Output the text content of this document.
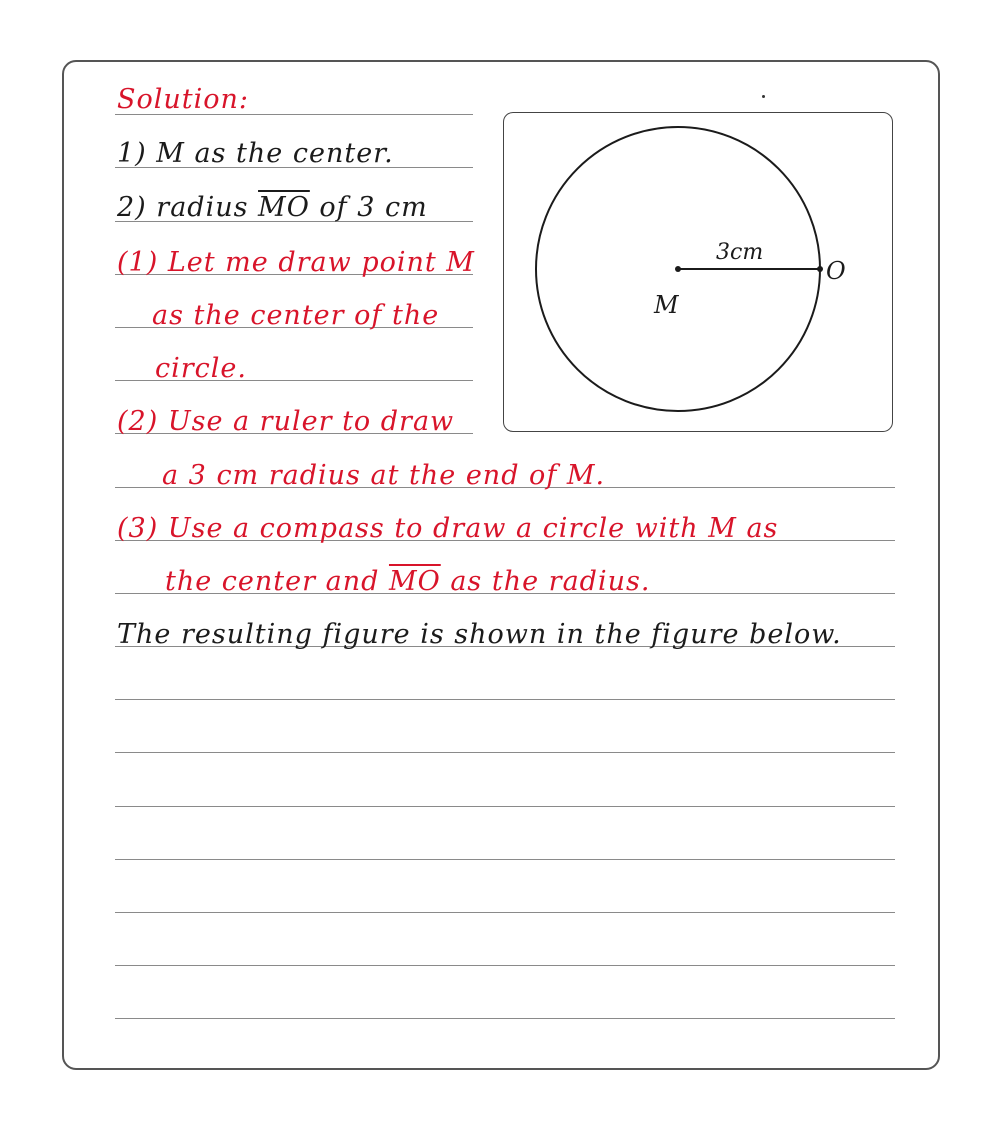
Solution:
1) M as the center.
2) radius $\overline{MO}$ of 3 cm
(1) Let me draw point M
as the center of the
circle.
(2) Use a ruler to draw
a 3 cm radius at the end of M.
(3) Use a compass to draw a circle with M as
the center and $\overline{MO}$ as the radius.
The resulting figure is shown in the figure below.
3cm
M
O
